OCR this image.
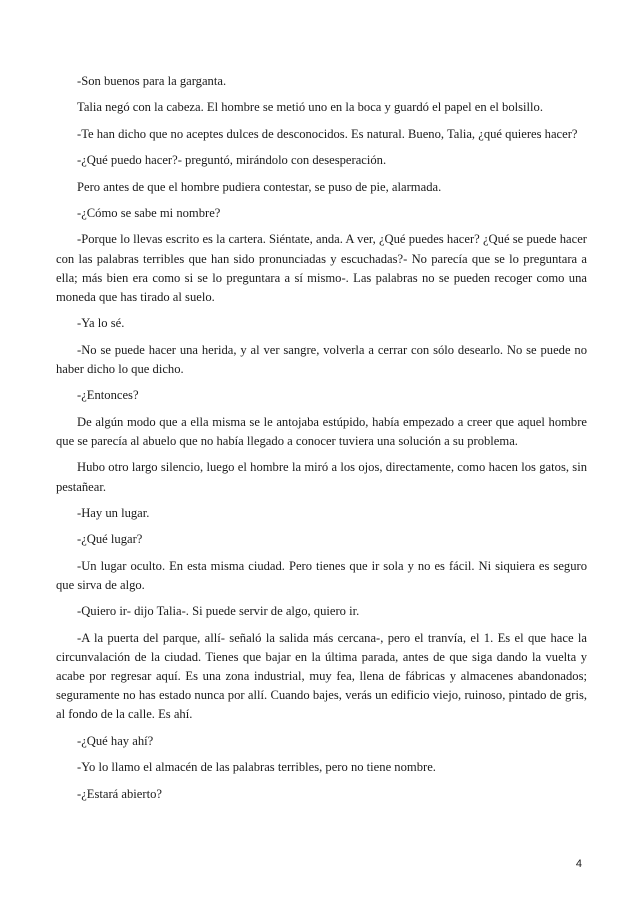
-Son buenos para la garganta.

Talia negó con la cabeza. El hombre se metió uno en la boca y guardó el papel en el bolsillo.

-Te han dicho que no aceptes dulces de desconocidos. Es natural. Bueno, Talia, ¿qué quieres hacer?

-¿Qué puedo hacer?- preguntó, mirándolo con desesperación.

Pero antes de que el hombre pudiera contestar, se puso de pie, alarmada.

-¿Cómo se sabe mi nombre?

-Porque lo llevas escrito es la cartera. Siéntate, anda. A ver, ¿Qué puedes hacer? ¿Qué se puede hacer con las palabras terribles que han sido pronunciadas y escuchadas?- No parecía que se lo preguntara a ella; más bien era como si se lo preguntara a sí mismo-. Las palabras no se pueden recoger como una moneda que has tirado al suelo.

-Ya lo sé.

-No se puede hacer una herida, y al ver sangre, volverla a cerrar con sólo desearlo. No se puede no haber dicho lo que dicho.

-¿Entonces?

De algún modo que a ella misma se le antojaba estúpido, había empezado a creer que aquel hombre que se parecía al abuelo que no había llegado a conocer tuviera una solución a su problema.

Hubo otro largo silencio, luego el hombre la miró a los ojos, directamente, como hacen los gatos, sin pestañear.

-Hay un lugar.

-¿Qué lugar?

-Un lugar oculto. En esta misma ciudad. Pero tienes que ir sola y no es fácil. Ni siquiera es seguro que sirva de algo.

-Quiero ir- dijo Talia-. Si puede servir de algo, quiero ir.

-A la puerta del parque, allí- señaló la salida más cercana-, pero el tranvía, el 1. Es el que hace la circunvalación de la ciudad. Tienes que bajar en la última parada, antes de que siga dando la vuelta y acabe por regresar aquí. Es una zona industrial, muy fea, llena de fábricas y almacenes abandonados; seguramente no has estado nunca por allí. Cuando bajes, verás un edificio viejo, ruinoso, pintado de gris, al fondo de la calle. Es ahí.

-¿Qué hay ahí?

-Yo lo llamo el almacén de las palabras terribles, pero no tiene nombre.

-¿Estará abierto?

4
